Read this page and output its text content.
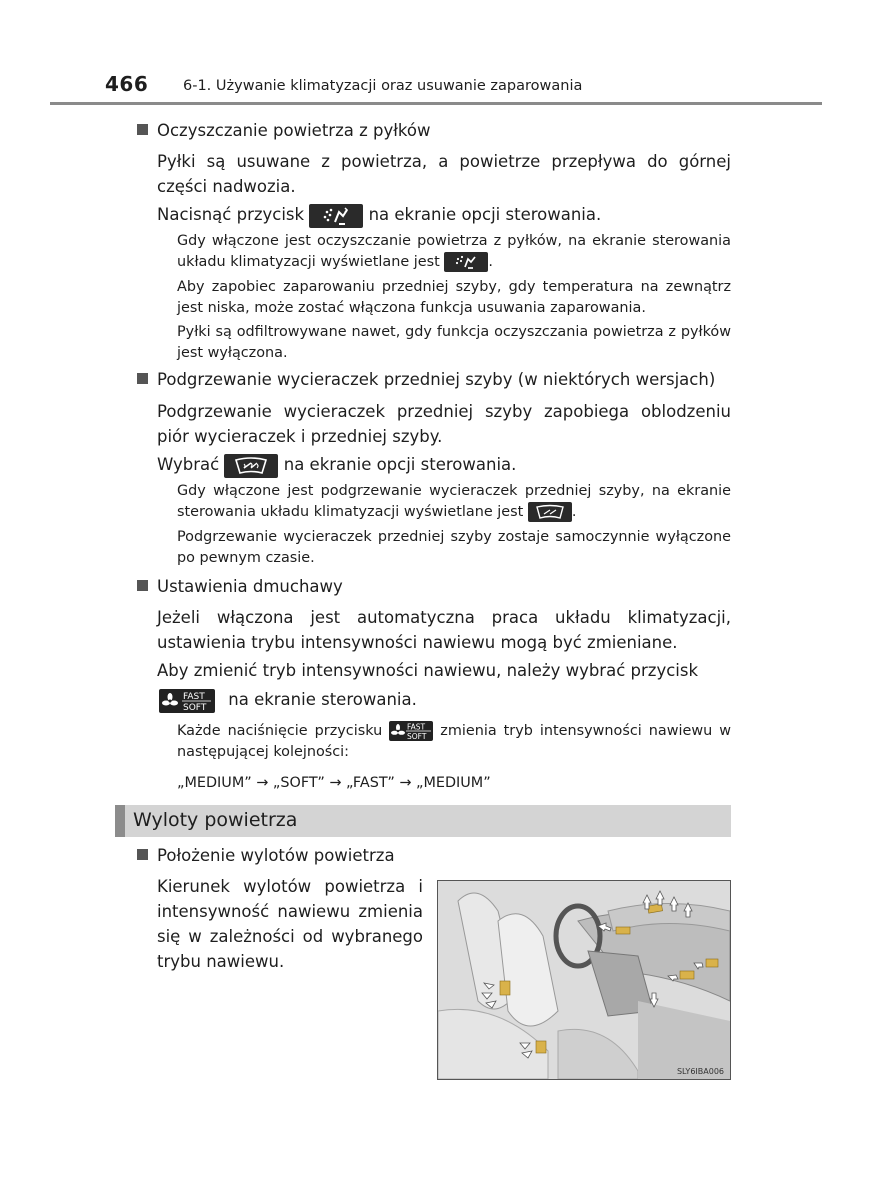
466 6-1. Używanie klimatyzacji oraz usuwanie zaparowania
Oczyszczanie powietrza z pyłków
Pyłki są usuwane z powietrza, a powietrze przepływa do górnej części nadwozia.
Nacisnąć przycisk	na ekranie opcji sterowania.
Gdy włączone jest oczyszczanie powietrza z pyłków, na ekranie sterowania układu klimatyzacji wyświetlane jest	.
Aby zapobiec zaparowaniu przedniej szyby, gdy temperatura na zewnątrz jest niska, może zostać włączona funkcja usuwania zaparowania.
Pyłki są odfiltrowywane nawet, gdy funkcja oczyszczania powietrza z pyłków jest wyłączona.
Podgrzewanie wycieraczek przedniej szyby (w niektórych wersjach)
Podgrzewanie wycieraczek przedniej szyby zapobiega oblodzeniu piór wycieraczek i przedniej szyby.
Wybrać	na ekranie opcji sterowania.
Gdy włączone jest podgrzewanie wycieraczek przedniej szyby, na ekranie sterowania układu klimatyzacji wyświetlane jest	.
Podgrzewanie wycieraczek przedniej szyby zostaje samoczynnie wyłączone po pewnym czasie.
Ustawienia dmuchawy
Jeżeli włączona jest automatyczna praca układu klimatyzacji, ustawienia trybu intensywności nawiewu mogą być zmieniane.
Aby zmienić tryb intensywności nawiewu, należy wybrać przycisk
FAST
SOFT na ekranie sterowania.
Każde naciśnięcie przycisku	FAST
SOFT zmienia tryb intensywności nawiewu w następującej kolejności:
„MEDIUM” → „SOFT” → „FAST” → „MEDIUM”
Wyloty powietrza
Położenie wylotów powietrza
Kierunek wylotów powietrza i intensywność nawiewu zmienia się w zależności od wybranego trybu nawiewu.
SLY6IBA006
